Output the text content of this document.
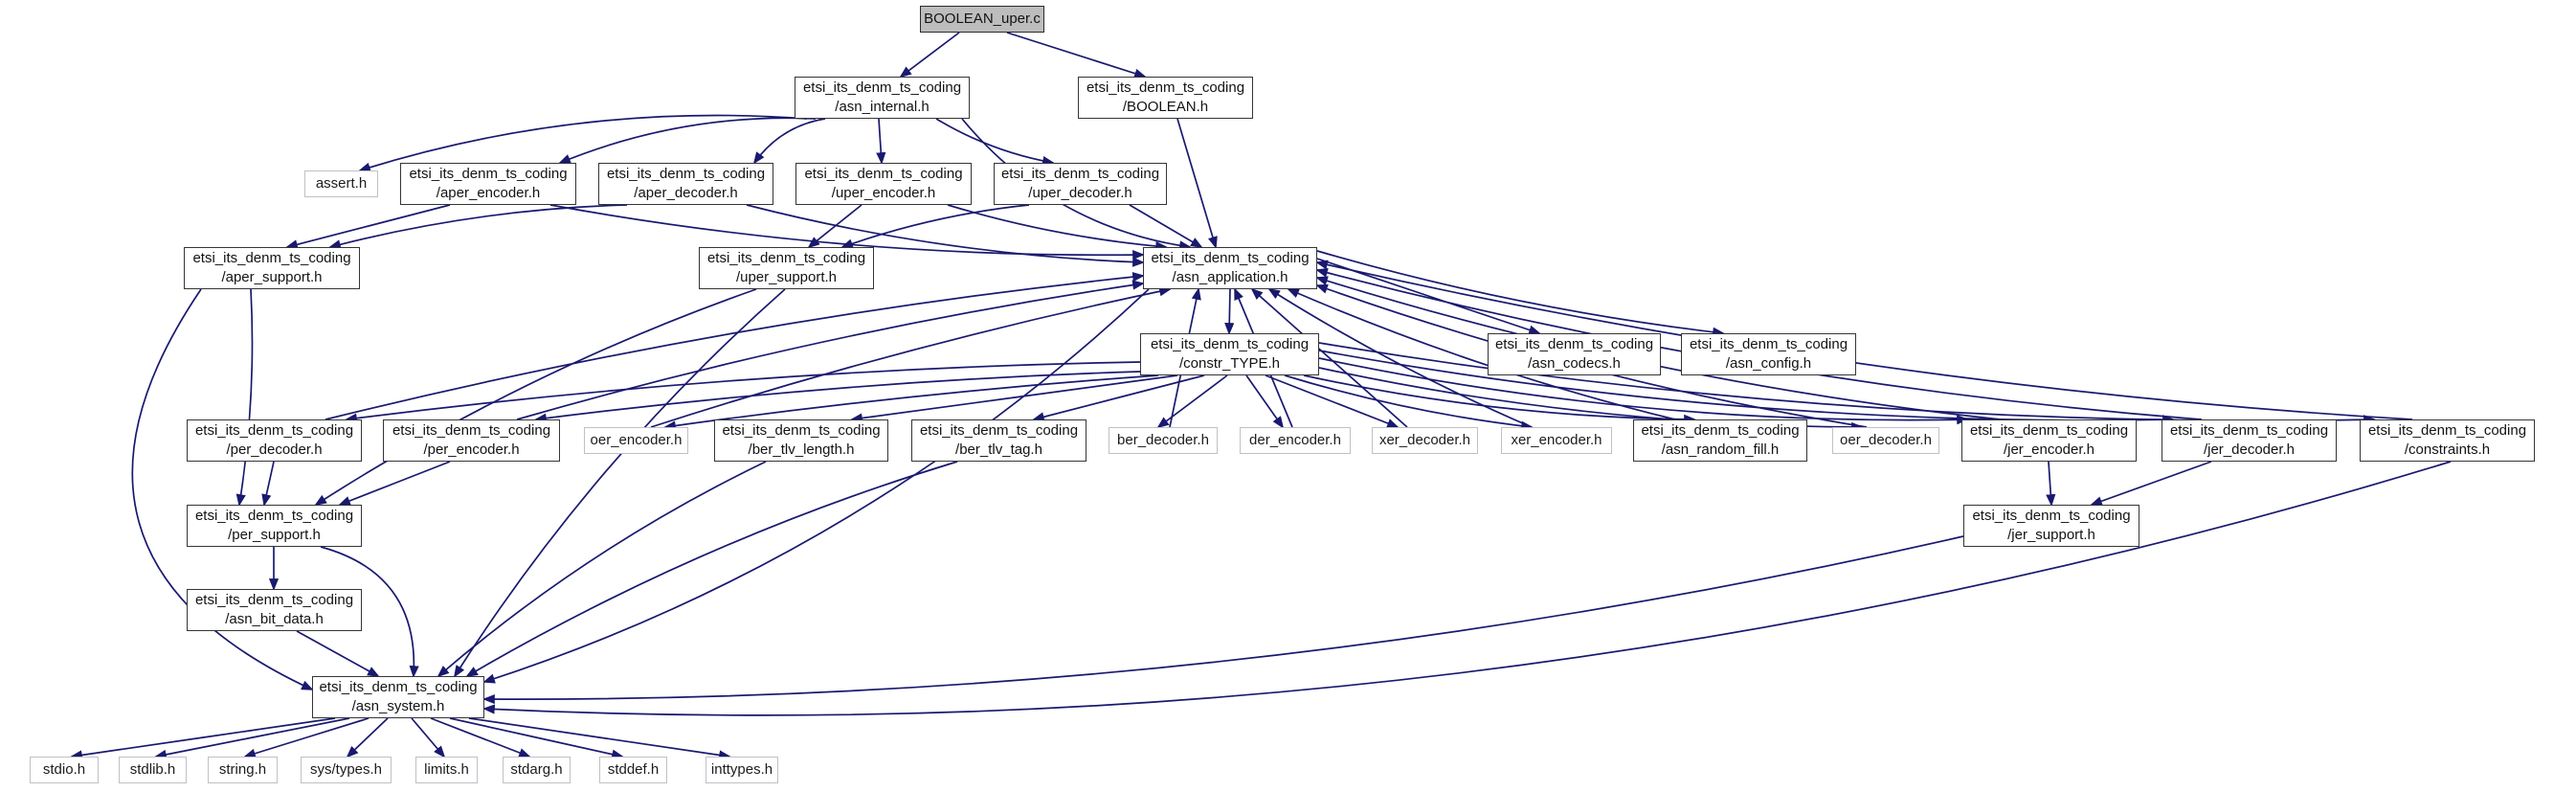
BOOLEAN_uper.c
etsi_its_denm_ts_coding
/asn_internal.h
etsi_its_denm_ts_coding
/BOOLEAN.h
assert.h
etsi_its_denm_ts_coding
/aper_encoder.h
etsi_its_denm_ts_coding
/aper_decoder.h
etsi_its_denm_ts_coding
/uper_encoder.h
etsi_its_denm_ts_coding
/uper_decoder.h
etsi_its_denm_ts_coding
/aper_support.h
etsi_its_denm_ts_coding
/uper_support.h
etsi_its_denm_ts_coding
/asn_application.h
etsi_its_denm_ts_coding
/constr_TYPE.h
etsi_its_denm_ts_coding
/asn_codecs.h
etsi_its_denm_ts_coding
/asn_config.h
etsi_its_denm_ts_coding
/per_decoder.h
etsi_its_denm_ts_coding
/per_encoder.h
oer_encoder.h
etsi_its_denm_ts_coding
/ber_tlv_length.h
etsi_its_denm_ts_coding
/ber_tlv_tag.h
ber_decoder.h	der_encoder.h	xer_decoder.h	xer_encoder.h
etsi_its_denm_ts_coding
/asn_random_fill.h
oer_decoder.h
etsi_its_denm_ts_coding
/jer_encoder.h
etsi_its_denm_ts_coding
/jer_decoder.h
etsi_its_denm_ts_coding
/constraints.h
etsi_its_denm_ts_coding
/per_support.h
etsi_its_denm_ts_coding
/jer_support.h
etsi_its_denm_ts_coding
/asn_bit_data.h
etsi_its_denm_ts_coding
/asn_system.h
stdio.h	stdlib.h	string.h	sys/types.h	limits.h	stdarg.h	stddef.h	inttypes.h
